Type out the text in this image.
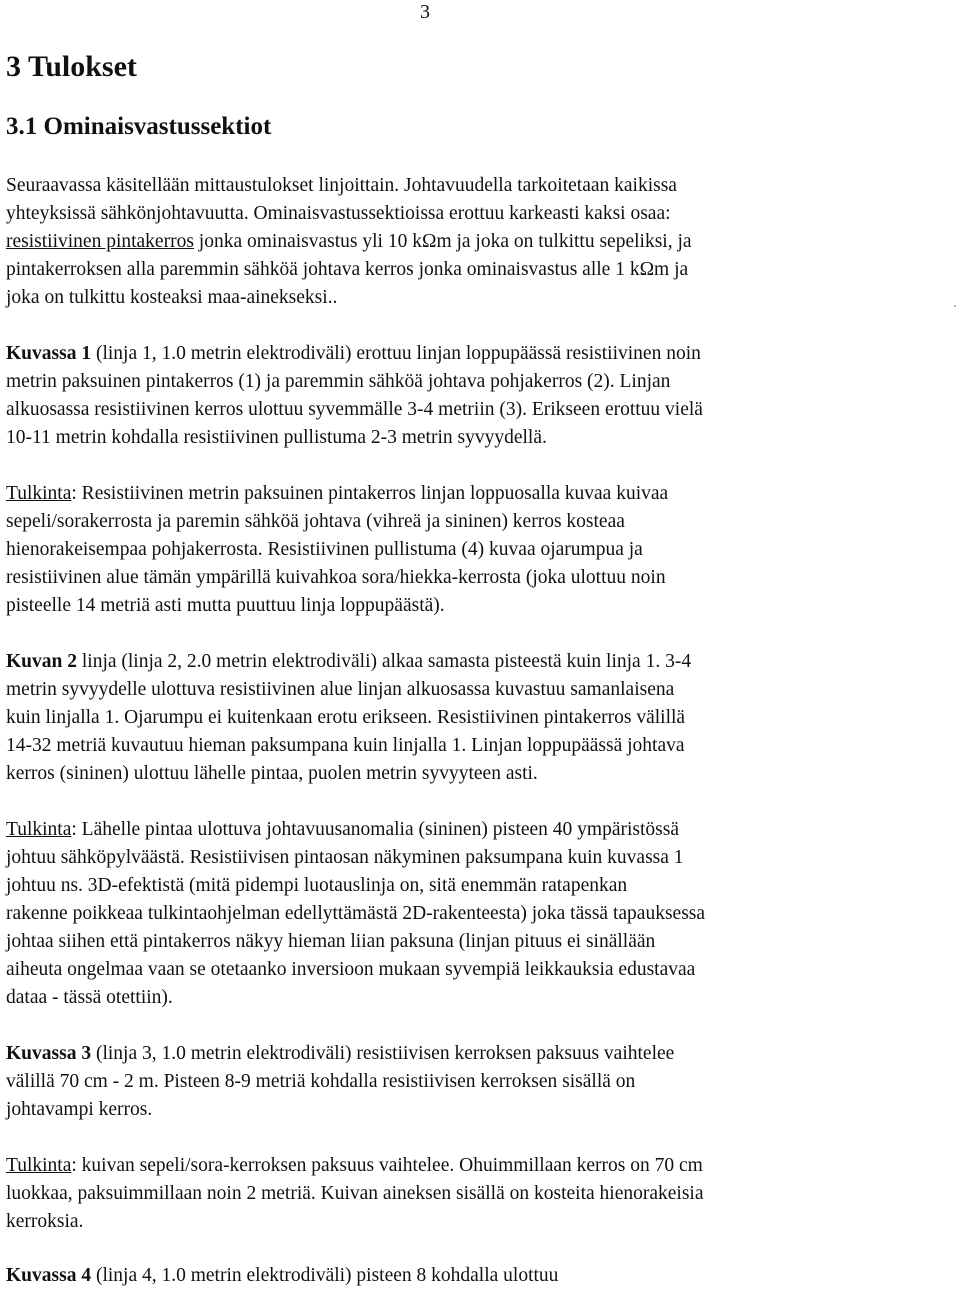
3
3 Tulokset
3.1 Ominaisvastussektiot
Seuraavassa käsitellään mittaustulokset linjoittain. Johtavuudella tarkoitetaan kaikissa
yhteyksissä sähkönjohtavuutta. Ominaisvastussektioissa erottuu karkeasti kaksi osaa:
resistiivinen pintakerros jonka ominaisvastus yli 10 kΩm ja joka on tulkittu sepeliksi, ja
pintakerroksen alla paremmin sähköä johtava kerros jonka ominaisvastus alle 1 kΩm ja
joka on tulkittu kosteaksi maa-ainekseksi..
Kuvassa 1 (linja 1, 1.0 metrin elektrodiväli) erottuu linjan loppupäässä resistiivinen noin
metrin paksuinen pintakerros (1) ja paremmin sähköä johtava pohjakerros (2). Linjan
alkuosassa resistiivinen kerros ulottuu syvemmälle 3-4 metriin (3). Erikseen erottuu vielä
10-11 metrin kohdalla resistiivinen pullistuma 2-3 metrin syvyydellä.
Tulkinta: Resistiivinen metrin paksuinen pintakerros linjan loppuosalla kuvaa kuivaa
sepeli/sorakerrosta ja paremin sähköä johtava (vihreä ja sininen) kerros kosteaa
hienorakeisempaa pohjakerrosta. Resistiivinen pullistuma (4) kuvaa ojarumpua ja
resistiivinen alue tämän ympärillä kuivahkoa sora/hiekka-kerrosta (joka ulottuu noin
pisteelle 14 metriä asti mutta puuttuu linja loppupäästä).
Kuvan 2 linja (linja 2, 2.0 metrin elektrodiväli) alkaa samasta pisteestä kuin linja 1. 3-4
metrin syvyydelle ulottuva resistiivinen alue linjan alkuosassa kuvastuu samanlaisena
kuin linjalla 1. Ojarumpu ei kuitenkaan erotu erikseen. Resistiivinen pintakerros välillä
14-32 metriä kuvautuu hieman paksumpana kuin linjalla 1. Linjan loppupäässä johtava
kerros (sininen) ulottuu lähelle pintaa, puolen metrin syvyyteen asti.
Tulkinta: Lähelle pintaa ulottuva johtavuusanomalia (sininen) pisteen 40 ympäristössä
johtuu sähköpylväästä. Resistiivisen pintaosan näkyminen paksumpana kuin kuvassa 1
johtuu ns. 3D-efektistä (mitä pidempi luotauslinja on, sitä enemmän ratapenkan
rakenne poikkeaa tulkintaohjelman edellyttämästä 2D-rakenteesta) joka tässä tapauksessa
johtaa siihen että pintakerros näkyy hieman liian paksuna (linjan pituus ei sinällään
aiheuta ongelmaa vaan se otetaanko inversioon mukaan syvempiä leikkauksia edustavaa
dataa - tässä otettiin).
Kuvassa 3 (linja 3, 1.0 metrin elektrodiväli) resistiivisen kerroksen paksuus vaihtelee
välillä 70 cm - 2 m. Pisteen 8-9 metriä kohdalla resistiivisen kerroksen sisällä on
johtavampi kerros.
Tulkinta: kuivan sepeli/sora-kerroksen paksuus vaihtelee. Ohuimmillaan kerros on 70 cm
luokkaa, paksuimmillaan noin 2 metriä. Kuivan aineksen sisällä on kosteita hienorakeisia
kerroksia.
Kuvassa 4 (linja 4, 1.0 metrin elektrodiväli) pisteen 8 kohdalla ulottuu
